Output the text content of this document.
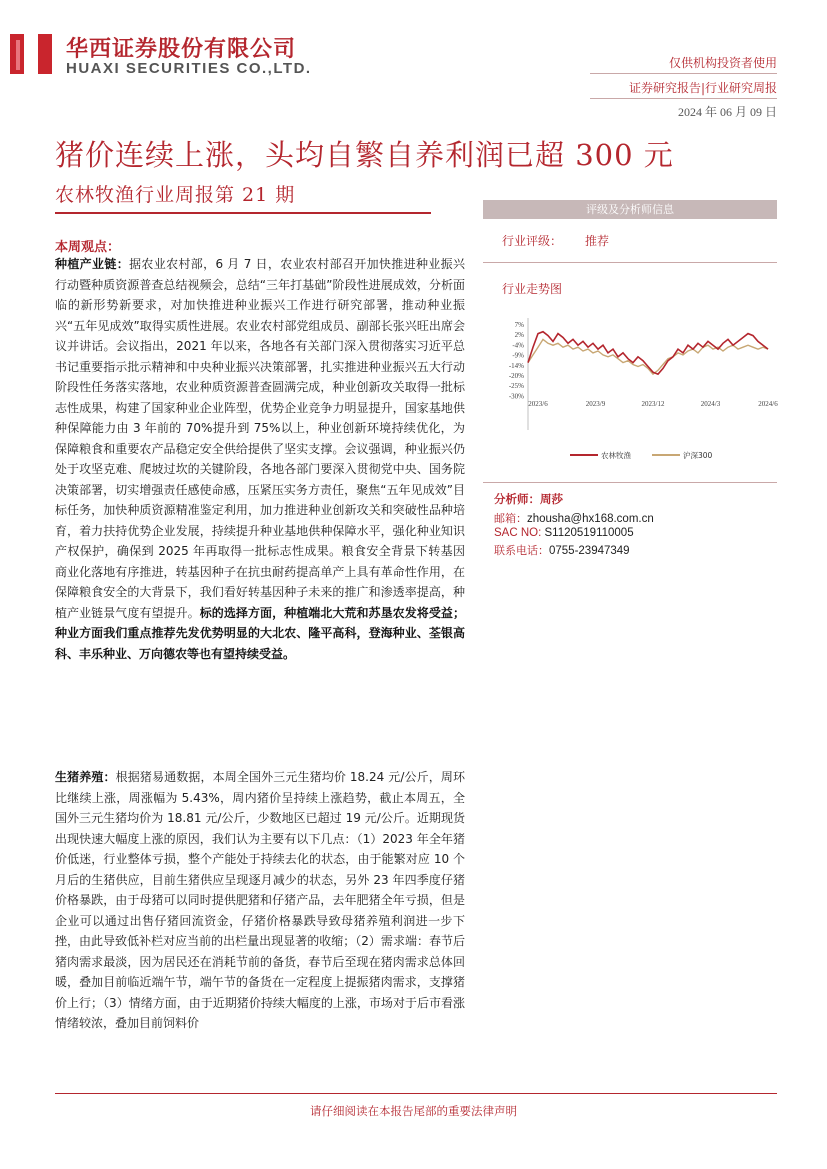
华西证券股份有限公司
HUAXI SECURITIES CO.,LTD.	仅供机构投资者使用
证券研究报告|行业研究周报
2024 年 06 月 09 日
猪价连续上涨，头均自繁自养利润已超 300 元
农林牧渔行业周报第 21 期
评级及分析师信息
行业评级： 推荐
行业走势图
7%
2%
-4%
-9%
-14%
-20%
-25%
-30%
2023/6	2023/9	2023/12	2024/3	2024/6
农林牧渔	沪深300
分析师：周莎
邮箱：zhousha@hx168.com.cn
SAC NO: S1120519110005
联系电话：0755-23947349
本周观点：
种植产业链：据农业农村部，6 月 7 日，农业农村部召开加快推进种业振兴行动暨种质资源普查总结视频会，总结“三年打基础”阶段性进展成效，分析面临的新形势新要求，对加快推进种业振兴工作进行研究部署，推动种业振兴“五年见成效”取得实质性进展。农业农村部党组成员、副部长张兴旺出席会议并讲话。会议指出，2021 年以来，各地各有关部门深入贯彻落实习近平总书记重要指示批示精神和中央种业振兴决策部署，扎实推进种业振兴五大行动阶段性任务落实落地，农业种质资源普查圆满完成，种业创新攻关取得一批标志性成果，构建了国家种业企业阵型，优势企业竞争力明显提升，国家基地供种保障能力由 3 年前的 70%提升到 75%以上，种业创新环境持续优化，为保障粮食和重要农产品稳定安全供给提供了坚实支撑。会议强调，种业振兴仍处于攻坚克难、爬坡过坎的关键阶段，各地各部门要深入贯彻党中央、国务院决策部署，切实增强责任感使命感，压紧压实务方责任，聚焦“五年见成效”目标任务，加快种质资源精准鉴定利用，加力推进种业创新攻关和突破性品种培育，着力扶持优势企业发展，持续提升种业基地供种保障水平，强化种业知识产权保护，确保到 2025 年再取得一批标志性成果。粮食安全背景下转基因商业化落地有序推进，转基因种子在抗虫耐药提高单产上具有革命性作用，在保障粮食安全的大背景下，我们看好转基因种子未来的推广和渗透率提高，种植产业链景气度有望提升。标的选择方面，种植端北大荒和苏垦农发将受益；种业方面我们重点推荐先发优势明显的大北农、隆平高科，登海种业、荃银高科、丰乐种业、万向德农等也有望持续受益。
生猪养殖：根据猪易通数据，本周全国外三元生猪均价 18.24 元/公斤，周环比继续上涨，周涨幅为 5.43%，周内猪价呈持续上涨趋势，截止本周五，全国外三元生猪均价为 18.81 元/公斤，少数地区已超过 19 元/公斤。近期现货出现快速大幅度上涨的原因，我们认为主要有以下几点：（1）2023 年全年猪价低迷，行业整体亏损，整个产能处于持续去化的状态，由于能繁对应 10 个月后的生猪供应，目前生猪供应呈现逐月减少的状态，另外 23 年四季度仔猪价格暴跌，由于母猪可以同时提供肥猪和仔猪产品，去年肥猪全年亏损，但是企业可以通过出售仔猪回流资金，仔猪价格暴跌导致母猪养殖利润进一步下挫，由此导致低补栏对应当前的出栏量出现显著的收缩；（2）需求端：春节后猪肉需求最淡，因为居民还在消耗节前的备货，春节后至现在猪肉需求总体回暖，叠加目前临近端午节，端午节的备货在一定程度上提振猪肉需求，支撑猪价上行；（3）情绪方面，由于近期猪价持续大幅度的上涨，市场对于后市看涨情绪较浓，叠加目前饲料价
请仔细阅读在本报告尾部的重要法律声明
